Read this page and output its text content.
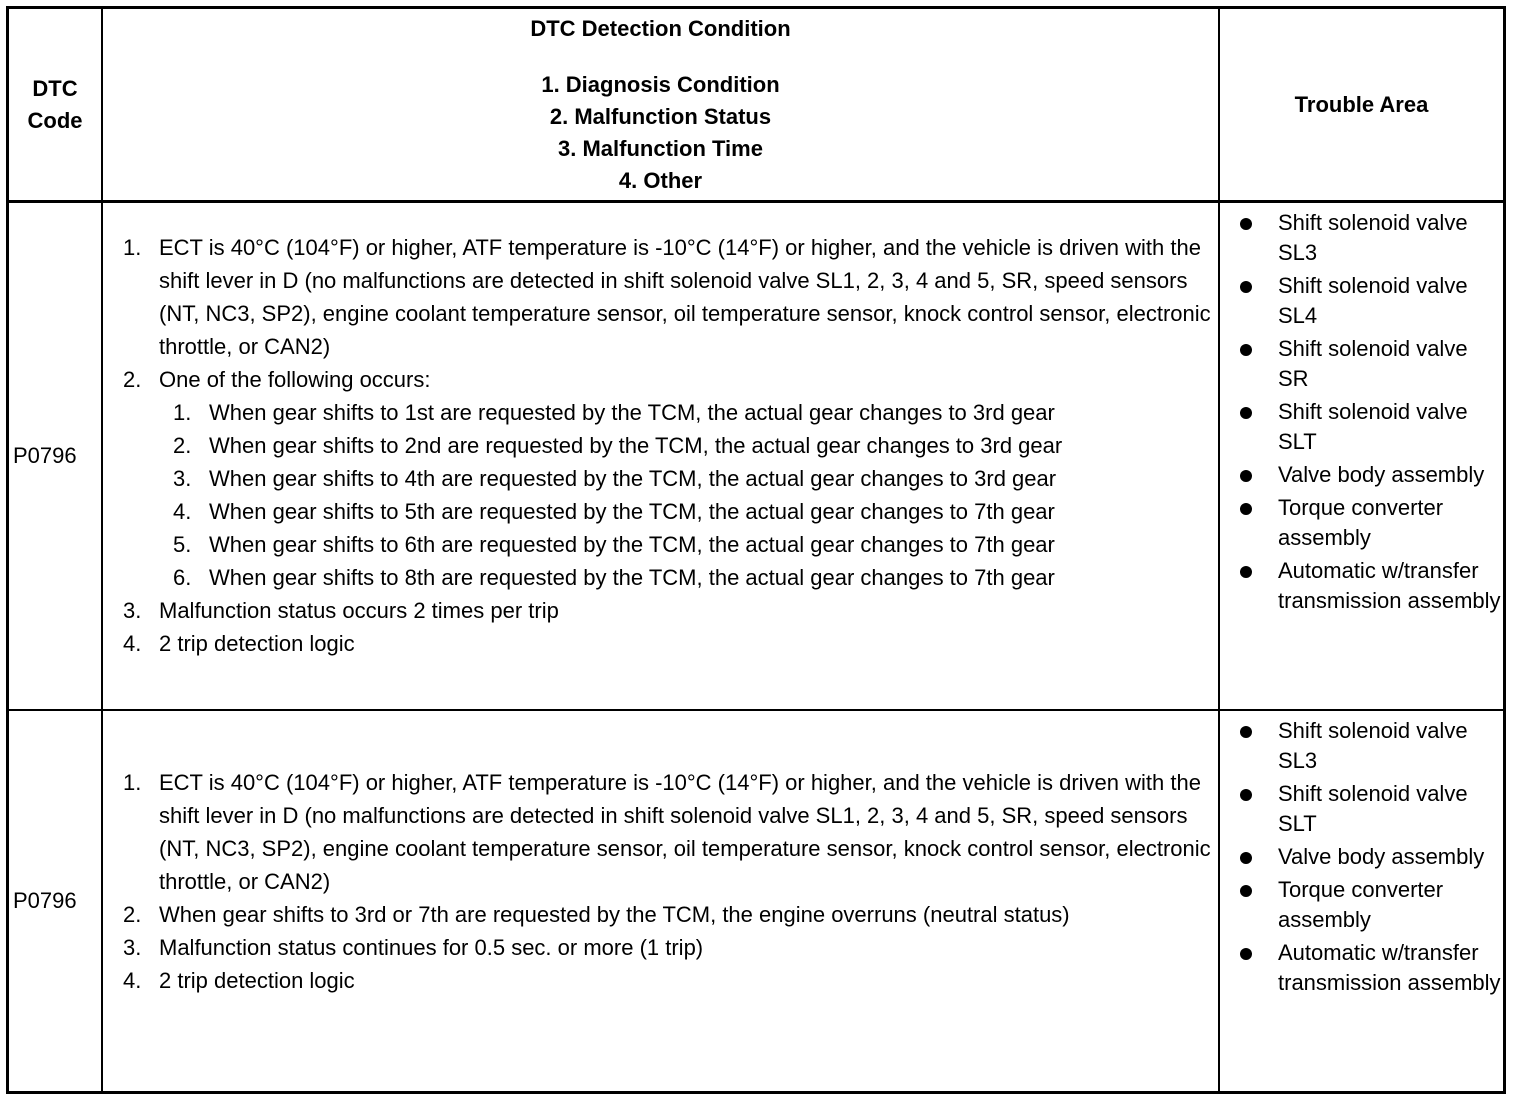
DTC
Code
DTC Detection Condition
1. Diagnosis Condition
2. Malfunction Status
3. Malfunction Time
4. Other
Trouble Area
P0796
1. ECT is 40°C (104°F) or higher, ATF temperature is -10°C (14°F) or higher, and the vehicle is driven with the shift lever in D (no malfunctions are detected in shift solenoid valve SL1, 2, 3, 4 and 5, SR, speed sensors (NT, NC3, SP2), engine coolant temperature sensor, oil temperature sensor, knock control sensor, electronic throttle, or CAN2)
2. One of the following occurs:
1. When gear shifts to 1st are requested by the TCM, the actual gear changes to 3rd gear
2. When gear shifts to 2nd are requested by the TCM, the actual gear changes to 3rd gear
3. When gear shifts to 4th are requested by the TCM, the actual gear changes to 3rd gear
4. When gear shifts to 5th are requested by the TCM, the actual gear changes to 7th gear
5. When gear shifts to 6th are requested by the TCM, the actual gear changes to 7th gear
6. When gear shifts to 8th are requested by the TCM, the actual gear changes to 7th gear
3. Malfunction status occurs 2 times per trip
4. 2 trip detection logic
Shift solenoid valve SL3
Shift solenoid valve SL4
Shift solenoid valve SR
Shift solenoid valve SLT
Valve body assembly
Torque converter assembly
Automatic w/transfer transmission assembly
P0796
1. ECT is 40°C (104°F) or higher, ATF temperature is -10°C (14°F) or higher, and the vehicle is driven with the shift lever in D (no malfunctions are detected in shift solenoid valve SL1, 2, 3, 4 and 5, SR, speed sensors (NT, NC3, SP2), engine coolant temperature sensor, oil temperature sensor, knock control sensor, electronic throttle, or CAN2)
2. When gear shifts to 3rd or 7th are requested by the TCM, the engine overruns (neutral status)
3. Malfunction status continues for 0.5 sec. or more (1 trip)
4. 2 trip detection logic
Shift solenoid valve SL3
Shift solenoid valve SLT
Valve body assembly
Torque converter assembly
Automatic w/transfer transmission assembly
